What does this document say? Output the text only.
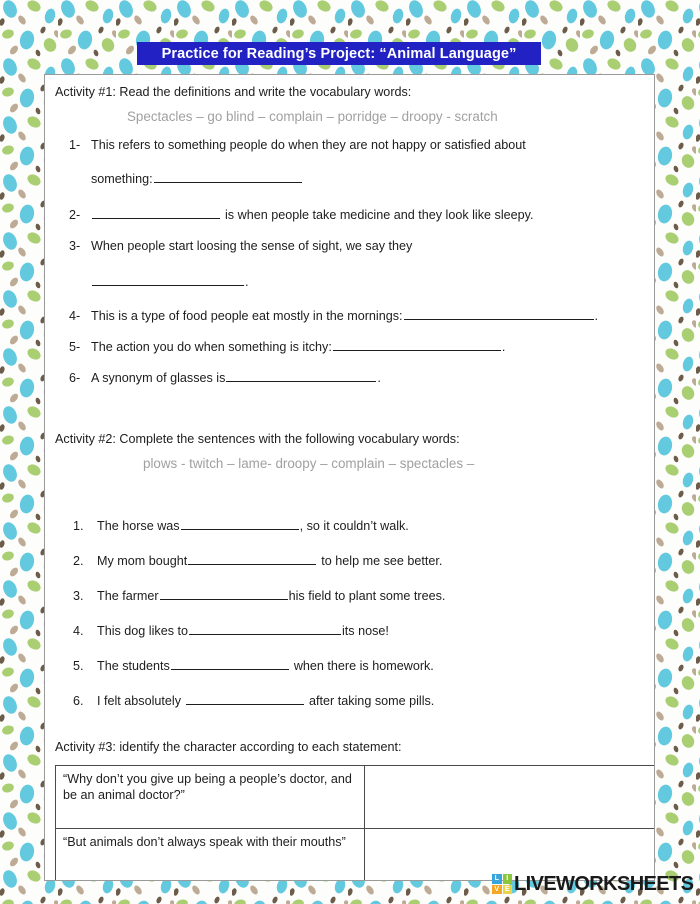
Practice for Reading’s Project: “Animal Language”
Activity #1: Read the definitions and write the vocabulary words:
Spectacles – go blind – complain – porridge – droopy - scratch
1- This refers to something people do when they are not happy or satisfied about
something:
2-	is when people take medicine and they look like sleepy.
3- When people start loosing the sense of sight, we say they
.
4- This is a type of food people eat mostly in the mornings:	.
5- The action you do when something is itchy:	.
6- A synonym of glasses is	.
Activity #2: Complete the sentences with the following vocabulary words:
plows - twitch – lame- droopy – complain – spectacles –
1.	The horse was	, so it couldn’t walk.
2.	My mom bought	to help me see better.
3.	The farmer	his field to plant some trees.
4.	This dog likes to	its nose!
5.	The students	when there is homework.
6.	I felt absolutely	after taking some pills.
Activity #3: identify the character according to each statement:
“Why don’t you give up being a people’s doctor, and be an animal doctor?”	
“But animals don’t always speak with their mouths”	
L	I
V E LIVEWORKSHEETS
